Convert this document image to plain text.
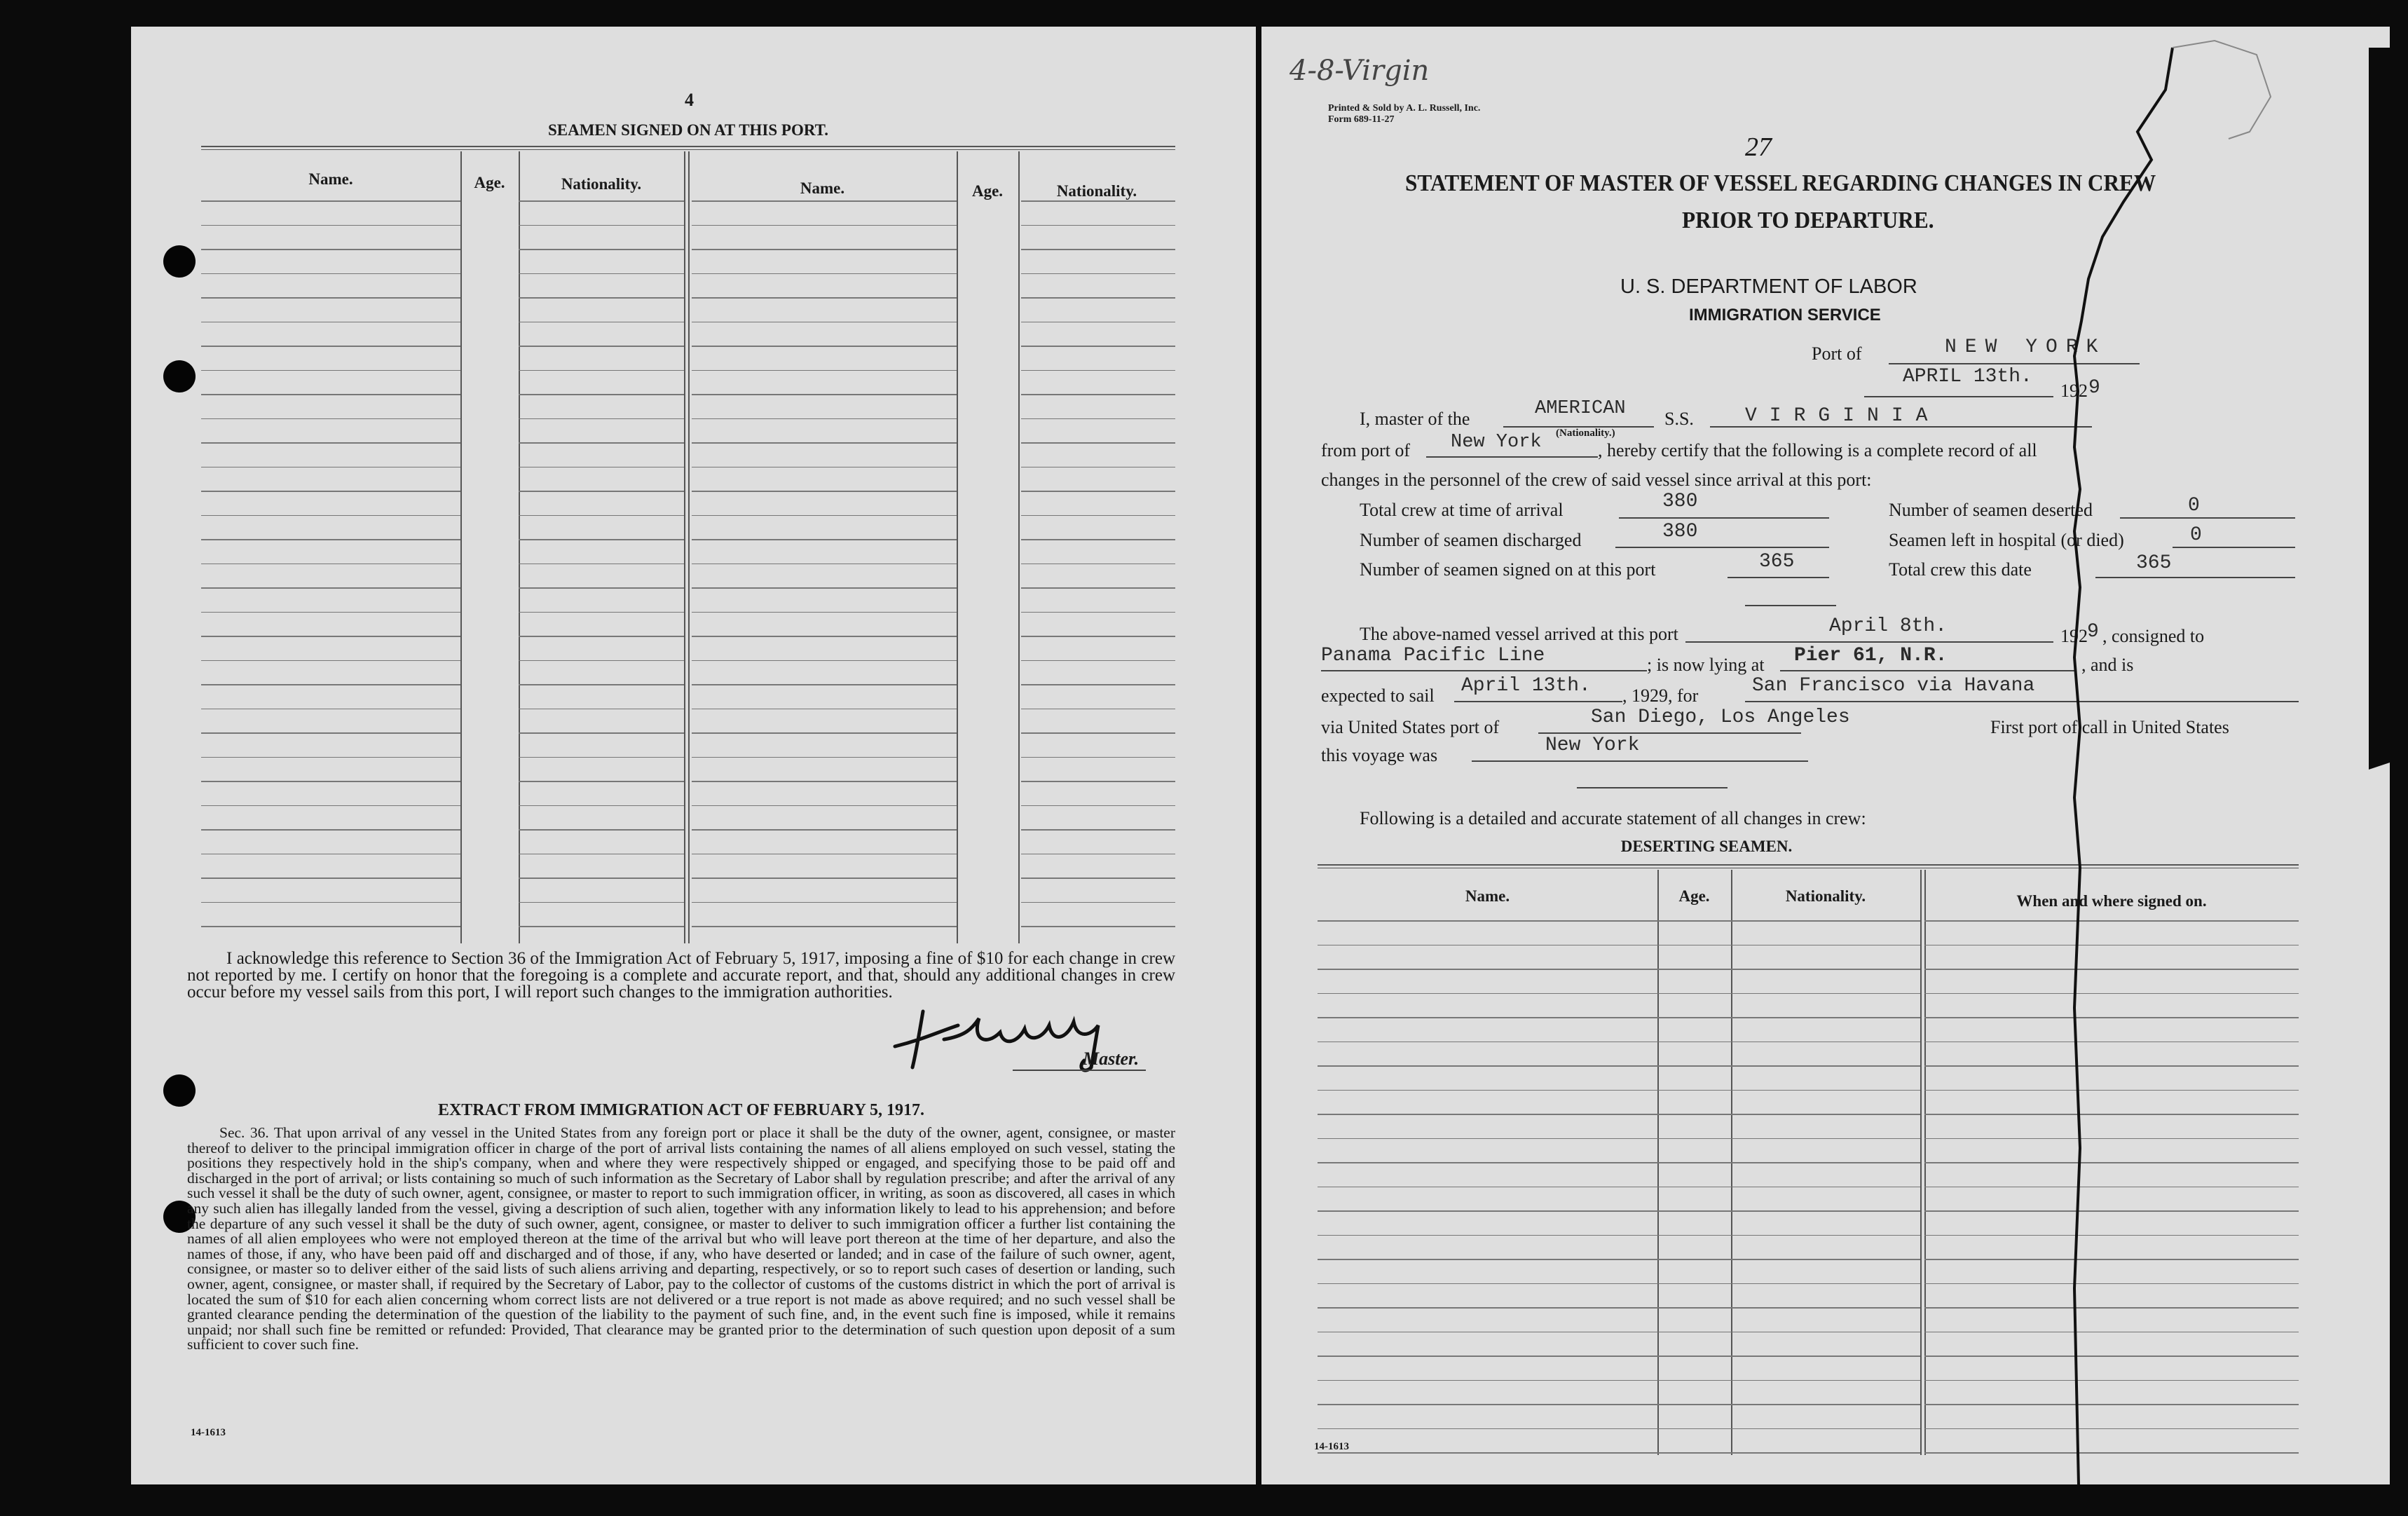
4
SEAMEN SIGNED ON AT THIS PORT.
Name.	Age.	Nationality.	Name.	Age.	Nationality.
I acknowledge this reference to Section 36 of the Immigration Act of February 5, 1917, imposing a fine of $10 for each change in crew not reported by me. I certify on honor that the foregoing is a complete and accurate report, and that, should any additional changes in crew occur before my vessel sails from this port, I will report such changes to the immigration authorities.
Master.
EXTRACT FROM IMMIGRATION ACT OF FEBRUARY 5, 1917.
Sec. 36. That upon arrival of any vessel in the United States from any foreign port or place it shall be the duty of the owner, agent, consignee, or master thereof to deliver to the principal immigration officer in charge of the port of arrival lists containing the names of all aliens employed on such vessel, stating the positions they respectively hold in the ship's company, when and where they were respectively shipped or engaged, and specifying those to be paid off and discharged in the port of arrival; or lists containing so much of such information as the Secretary of Labor shall by regulation prescribe; and after the arrival of any such vessel it shall be the duty of such owner, agent, consignee, or master to report to such immigration officer, in writing, as soon as discovered, all cases in which any such alien has illegally landed from the vessel, giving a description of such alien, together with any information likely to lead to his apprehension; and before the departure of any such vessel it shall be the duty of such owner, agent, consignee, or master to deliver to such immigration officer a further list containing the names of all alien employees who were not employed thereon at the time of the arrival but who will leave port thereon at the time of her departure, and also the names of those, if any, who have been paid off and discharged and of those, if any, who have deserted or landed; and in case of the failure of such owner, agent, consignee, or master so to deliver either of the said lists of such aliens arriving and departing, respectively, or so to report such cases of desertion or landing, such owner, agent, consignee, or master shall, if required by the Secretary of Labor, pay to the collector of customs of the customs district in which the port of arrival is located the sum of $10 for each alien concerning whom correct lists are not delivered or a true report is not made as above required; and no such vessel shall be granted clearance pending the determination of the question of the liability to the payment of such fine, and, in the event such fine is imposed, while it remains unpaid; nor shall such fine be remitted or refunded: Provided, That clearance may be granted prior to the determination of such question upon deposit of a sum sufficient to cover such fine.
14-1613
4-8-Virgin
Printed & Sold by A. L. Russell, Inc.
Form 689-11-27
27
STATEMENT OF MASTER OF VESSEL REGARDING CHANGES IN CREW
PRIOR TO DEPARTURE.
U. S. DEPARTMENT OF LABOR
IMMIGRATION SERVICE
Port of	NEW YORK
APRIL 13th.
192 9
I, master of the	AMERICAN
(Nationality.)
S.S.	VIRGINIA
from port of New York	, hereby certify that the following is a complete record of all
changes in the personnel of the crew of said vessel since arrival at this port:
Total crew at time of arrival	380
Number of seamen discharged	380
Number of seamen signed on at this port	365
Number of seamen deserted	0
Seamen left in hospital (or died)	0
Total crew this date	365
The above-named vessel arrived at this port	April 8th.	192 9 , consigned to
Panama Pacific Line	; is now lying at Pier 61, N.R.	, and is
expected to sail April 13th. , 1929, for	San Francisco via Havana
via United States port of	San Diego, Los Angeles	First port of call in United States
this voyage was	New York
Following is a detailed and accurate statement of all changes in crew:
DESERTING SEAMEN.
Name.	Age.	Nationality.	When and where signed on.
14-1613
